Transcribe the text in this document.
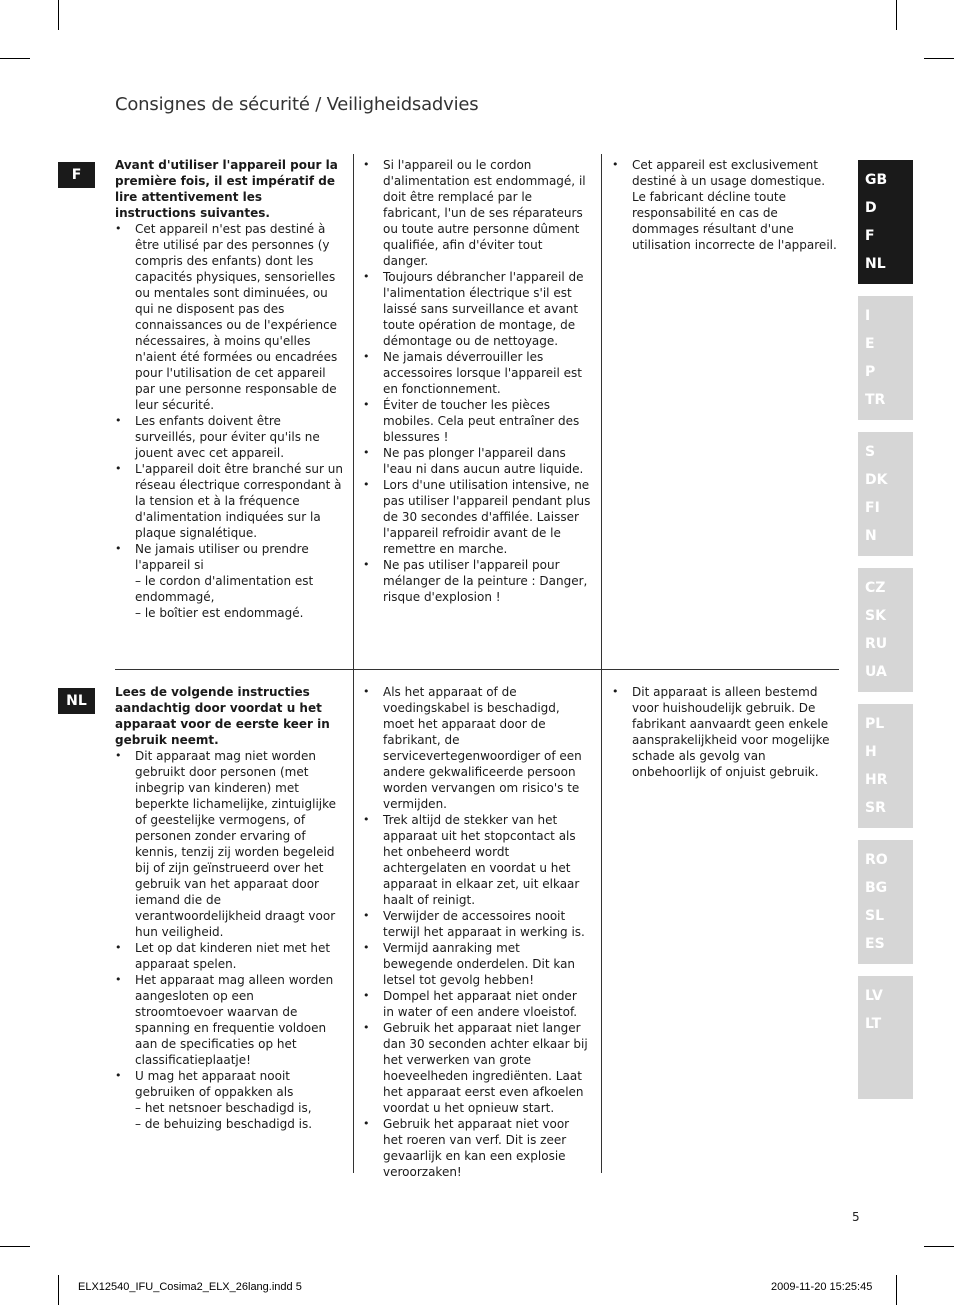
Consignes de sécurité / Veiligheidsadvies
F

Avant d'utiliser l'appareil pour la première fois, il est impératif de lire attentivement les instructions suivantes.

• Cet appareil n'est pas destiné à être utilisé par des personnes (y compris des enfants) dont les capacités physiques, sensorielles ou mentales sont diminuées, ou qui ne disposent pas des connaissances ou de l'expérience nécessaires, à moins qu'elles n'aient été formées ou encadrées pour l'utilisation de cet appareil par une personne responsable de leur sécurité.
• Les enfants doivent être surveillés, pour éviter qu'ils ne jouent avec cet appareil.
• L'appareil doit être branché sur un réseau électrique correspondant à la tension et à la fréquence d'alimentation indiquées sur la plaque signalétique.
• Ne jamais utiliser ou prendre l'appareil si
– le cordon d'alimentation est endommagé,
– le boîtier est endommagé.
• Si l'appareil ou le cordon d'alimentation est endommagé, il doit être remplacé par le fabricant, l'un de ses réparateurs ou toute autre personne dûment qualifiée, afin d'éviter tout danger.
• Toujours débrancher l'appareil de l'alimentation électrique s'il est laissé sans surveillance et avant toute opération de montage, de démontage ou de nettoyage.
• Ne jamais déverrouiller les accessoires lorsque l'appareil est en fonctionnement.
• Éviter de toucher les pièces mobiles. Cela peut entraîner des blessures !
• Ne pas plonger l'appareil dans l'eau ni dans aucun autre liquide.
• Lors d'une utilisation intensive, ne pas utiliser l'appareil pendant plus de 30 secondes d'affilée. Laisser l'appareil refroidir avant de le remettre en marche.
• Ne pas utiliser l'appareil pour mélanger de la peinture : Danger, risque d'explosion !
• Cet appareil est exclusivement destiné à un usage domestique. Le fabricant décline toute responsabilité en cas de dommages résultant d'une utilisation incorrecte de l'appareil.
NL

Lees de volgende instructies aandachtig door voordat u het apparaat voor de eerste keer in gebruik neemt.

• Dit apparaat mag niet worden gebruikt door personen (met inbegrip van kinderen) met beperkte lichamelijke, zintuiglijke of geestelijke vermogens, of personen zonder ervaring of kennis, tenzij zij worden begeleid bij of zijn geïnstrueerd over het gebruik van het apparaat door iemand die de verantwoordelijkheid draagt voor hun veiligheid.
• Let op dat kinderen niet met het apparaat spelen.
• Het apparaat mag alleen worden aangesloten op een stroomtoevoer waarvan de spanning en frequentie voldoen aan de specificaties op het classificatieplaatje!
• U mag het apparaat nooit gebruiken of oppakken als
– het netsnoer beschadigd is,
– de behuizing beschadigd is.
• Als het apparaat of de voedingskabel is beschadigd, moet het apparaat door de fabrikant, de servicevertegenwoordiger of een andere gekwalificeerde persoon worden vervangen om risico's te vermijden.
• Trek altijd de stekker van het apparaat uit het stopcontact als het onbeheerd wordt achtergelaten en voordat u het apparaat in elkaar zet, uit elkaar haalt of reinigt.
• Verwijder de accessoires nooit terwijl het apparaat in werking is.
• Vermijd aanraking met bewegende onderdelen. Dit kan letsel tot gevolg hebben!
• Dompel het apparaat niet onder in water of een andere vloeistof.
• Gebruik het apparaat niet langer dan 30 seconden achter elkaar bij het verwerken van grote hoeveelheden ingrediënten. Laat het apparaat eerst even afkoelen voordat u het opnieuw start.
• Gebruik het apparaat niet voor het roeren van verf. Dit is zeer gevaarlijk en kan een explosie veroorzaken!
• Dit apparaat is alleen bestemd voor huishoudelijk gebruik. De fabrikant aanvaardt geen enkele aansprakelijkheid voor mogelijke schade als gevolg van onbehoorlijk of onjuist gebruik.
GB
D
F
NL
I
E
P
TR
S
DK
FI
N
CZ
SK
RU
UA
PL
H
HR
SR
RO
BG
SL
ES
LV
LT
5
ELX12540_IFU_Cosima2_ELX_26lang.indd 5	2009-11-20 15:25:45
